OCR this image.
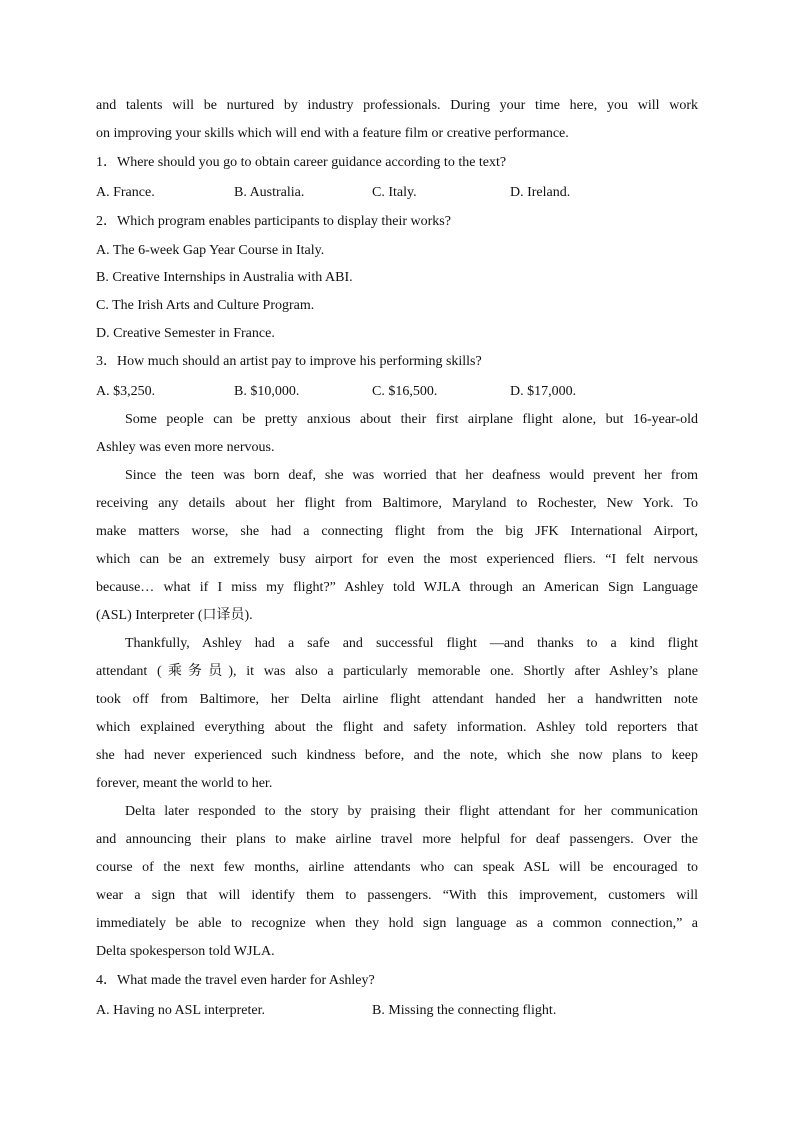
and talents will be nurtured by industry professionals. During your time here, you will work
on improving your skills which will end with a feature film or creative performance.
1．Where should you go to obtain career guidance according to the text?
A. France.	B. Australia.	C. Italy.	D. Ireland.
2．Which program enables participants to display their works?
A. The 6-week Gap Year Course in Italy.
B. Creative Internships in Australia with ABI.
C. The Irish Arts and Culture Program.
D. Creative Semester in France.
3．How much should an artist pay to improve his performing skills?
A. $3,250.	B. $10,000.	C. $16,500.	D. $17,000.
Some people can be pretty anxious about their first airplane flight alone, but 16-year-old
Ashley was even more nervous.
Since the teen was born deaf, she was worried that her deafness would prevent her from
receiving any details about her flight from Baltimore, Maryland to Rochester, New York. To
make matters worse, she had a connecting flight from the big JFK International Airport,
which can be an extremely busy airport for even the most experienced fliers. “I felt nervous
because… what if I miss my flight?” Ashley told WJLA through an American Sign Language
(ASL) Interpreter (口译员).
Thankfully, Ashley had a safe and successful flight —and thanks to a kind flight
attendant (乘务员), it was also a particularly memorable one. Shortly after Ashley’s plane
took off from Baltimore, her Delta airline flight attendant handed her a handwritten note
which explained everything about the flight and safety information. Ashley told reporters that
she had never experienced such kindness before, and the note, which she now plans to keep
forever, meant the world to her.
Delta later responded to the story by praising their flight attendant for her communication
and announcing their plans to make airline travel more helpful for deaf passengers. Over the
course of the next few months, airline attendants who can speak ASL will be encouraged to
wear a sign that will identify them to passengers. “With this improvement, customers will
immediately be able to recognize when they hold sign language as a common connection,” a
Delta spokesperson told WJLA.
4．What made the travel even harder for Ashley?
A. Having no ASL interpreter.	B. Missing the connecting flight.
